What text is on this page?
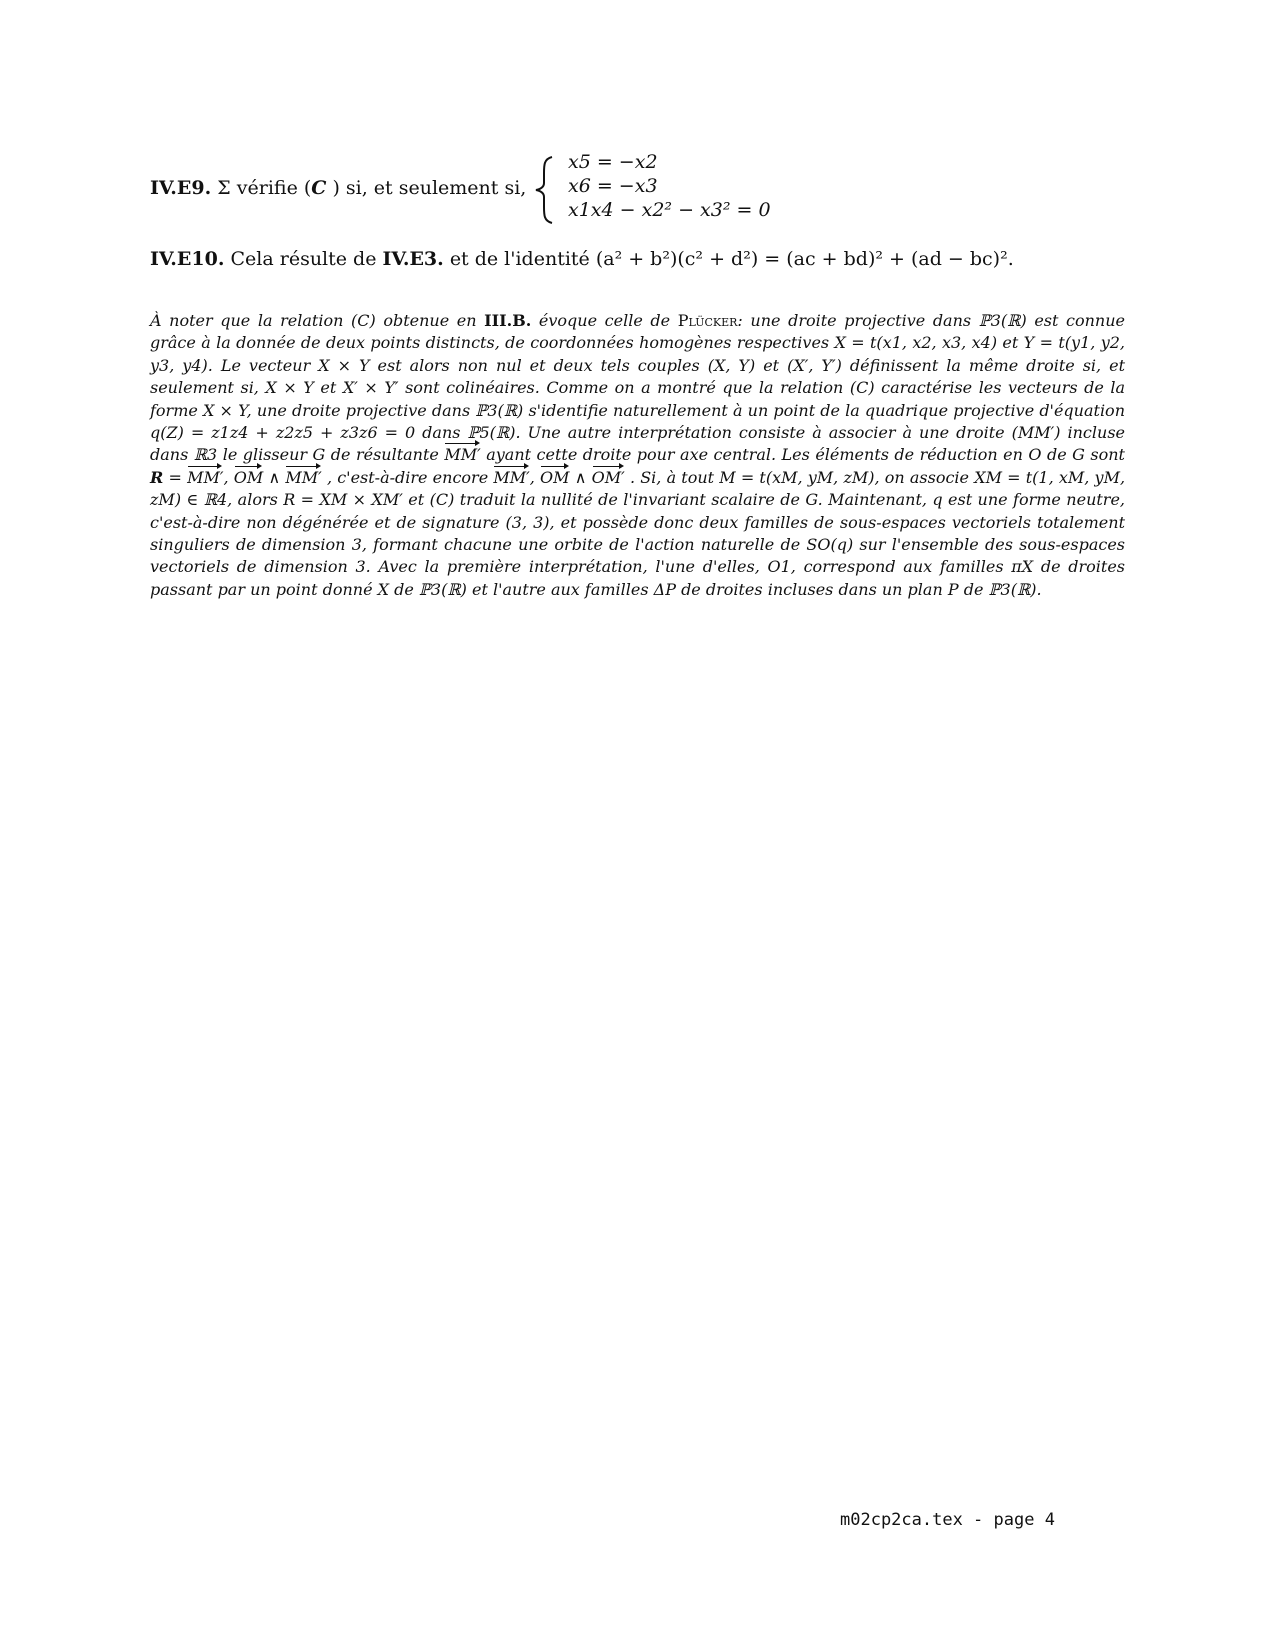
IV.E9. Σ vérifie (C ) si, et seulement si,
x5 = −x2
x6 = −x3
x1x4 − x2² − x3² = 0
IV.E10. Cela résulte de IV.E3. et de l'identité (a² + b²)(c² + d²) = (ac + bd)² + (ad − bc)².

À noter que la relation (C) obtenue en III.B. évoque celle de Plücker: une droite projective dans ℙ3(ℝ) est connue grâce à la donnée de deux points distincts, de coordonnées homogènes respectives X = t(x1, x2, x3, x4) et Y = t(y1, y2, y3, y4). Le vecteur X × Y est alors non nul et deux tels couples (X, Y) et (X′, Y′) définissent la même droite si, et seulement si, X × Y et X′ × Y′ sont colinéaires. Comme on a montré que la relation (C) caractérise les vecteurs de la forme X × Y, une droite projective dans ℙ3(ℝ) s'identifie naturellement à un point de la quadrique projective d'équation q(Z) = z1z4 + z2z5 + z3z6 = 0 dans ℙ5(ℝ). Une autre interprétation consiste à associer à une droite (MM′) incluse dans ℝ3 le glisseur G de résultante MM′ ayant cette droite pour axe central. Les éléments de réduction en O de G sont R = MM′, OM ∧ MM′ , c'est-à-dire encore MM′, OM ∧ OM′ . Si, à tout M = t(xM, yM, zM), on associe XM = t(1, xM, yM, zM) ∈ ℝ4, alors R = XM × XM′ et (C) traduit la nullité de l'invariant scalaire de G. Maintenant, q est une forme neutre, c'est-à-dire non dégénérée et de signature (3, 3), et possède donc deux familles de sous-espaces vectoriels totalement singuliers de dimension 3, formant chacune une orbite de l'action naturelle de SO(q) sur l'ensemble des sous-espaces vectoriels de dimension 3. Avec la première interprétation, l'une d'elles, O1, correspond aux familles πX de droites passant par un point donné X de ℙ3(ℝ) et l'autre aux familles ΔP de droites incluses dans un plan P de ℙ3(ℝ).

m02cp2ca.tex - page 4
